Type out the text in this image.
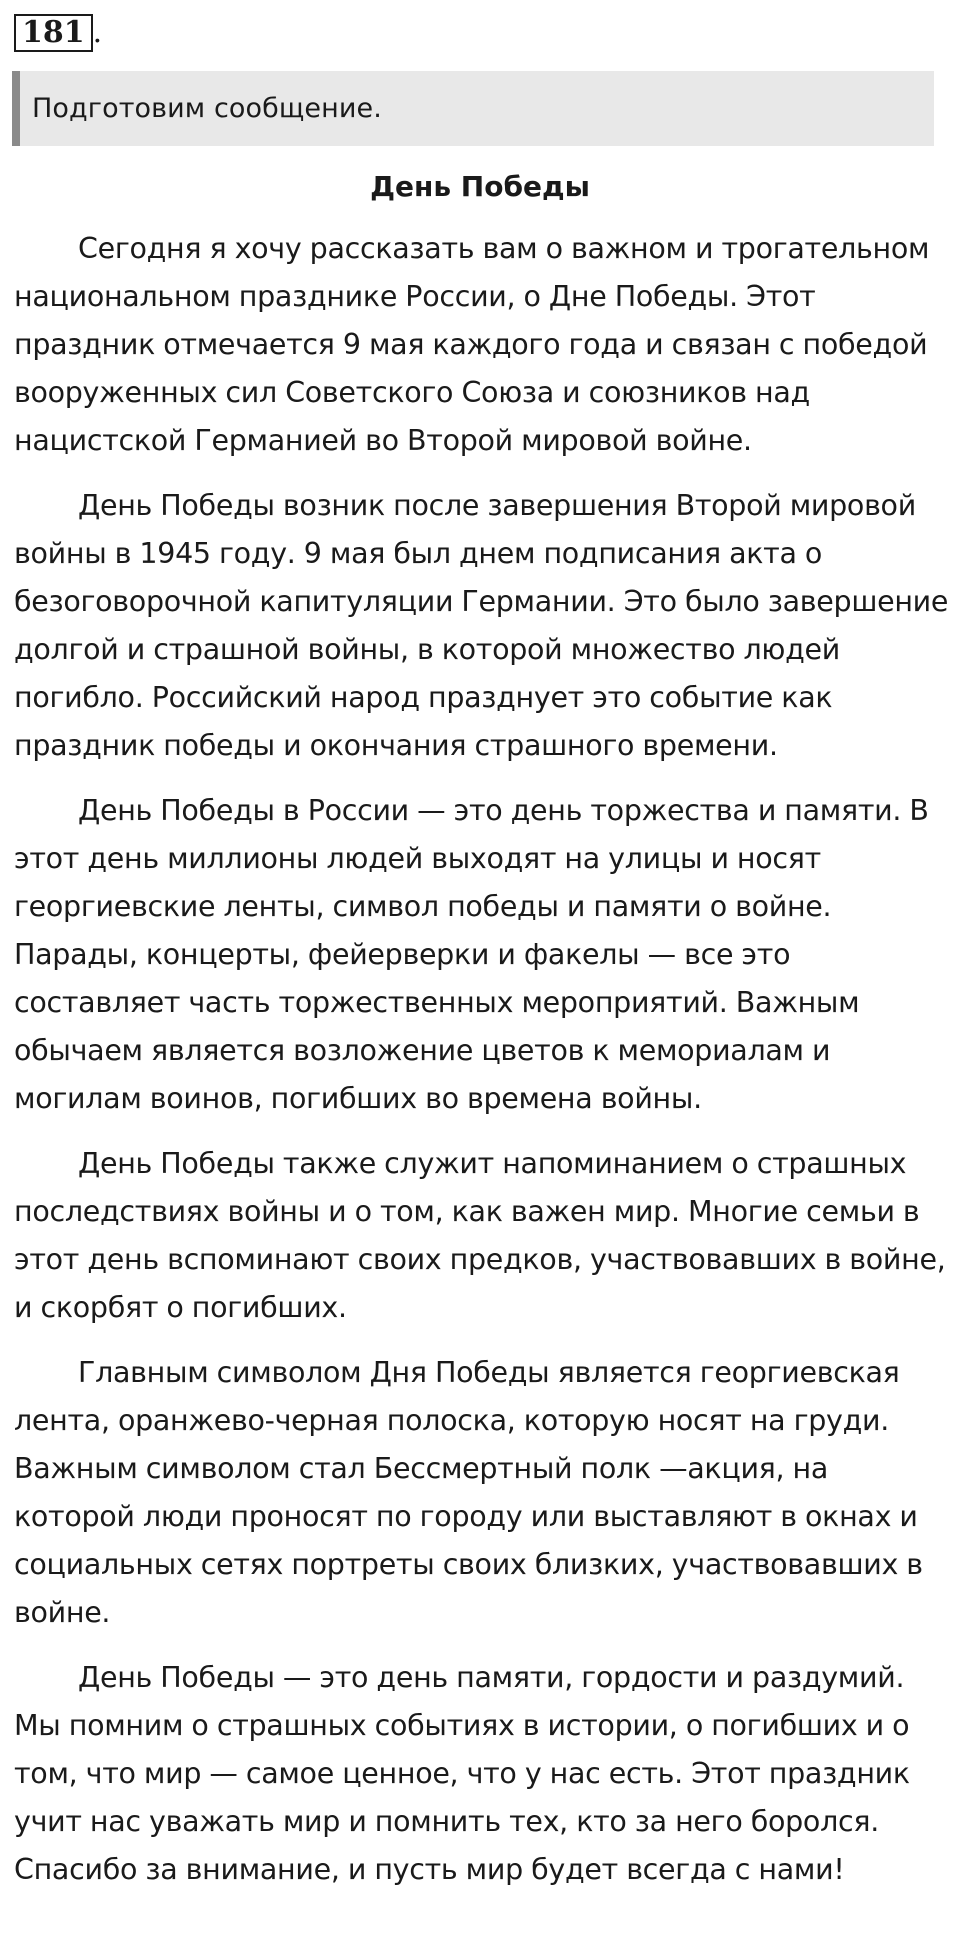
181 .
Подготовим сообщение.
День Победы

Сегодня я хочу рассказать вам о важном и трогательном национальном празднике России, о Дне Победы. Этот праздник отмечается 9 мая каждого года и связан с победой вооруженных сил Советского Союза и союзников над нацистской Германией во Второй мировой войне.

День Победы возник после завершения Второй мировой войны в 1945 году. 9 мая был днем подписания акта о безоговорочной капитуляции Германии. Это было завершение долгой и страшной войны, в которой множество людей погибло. Российский народ празднует это событие как праздник победы и окончания страшного времени.

День Победы в России — это день торжества и памяти. В этот день миллионы людей выходят на улицы и носят георгиевские ленты, символ победы и памяти о войне. Парады, концерты, фейерверки и факелы — все это составляет часть торжественных мероприятий. Важным обычаем является возложение цветов к мемориалам и могилам воинов, погибших во времена войны.

День Победы также служит напоминанием о страшных последствиях войны и о том, как важен мир. Многие семьи в этот день вспоминают своих предков, участвовавших в войне, и скорбят о погибших.

Главным символом Дня Победы является георгиевская лента, оранжево-черная полоска, которую носят на груди. Важным символом стал Бессмертный полк —акция, на которой люди проносят по городу или выставляют в окнах и социальных сетях портреты своих близких, участвовавших в войне.

День Победы — это день памяти, гордости и раздумий. Мы помним о страшных событиях в истории, о погибших и о том, что мир — самое ценное, что у нас есть. Этот праздник учит нас уважать мир и помнить тех, кто за него боролся. Спасибо за внимание, и пусть мир будет всегда с нами!
